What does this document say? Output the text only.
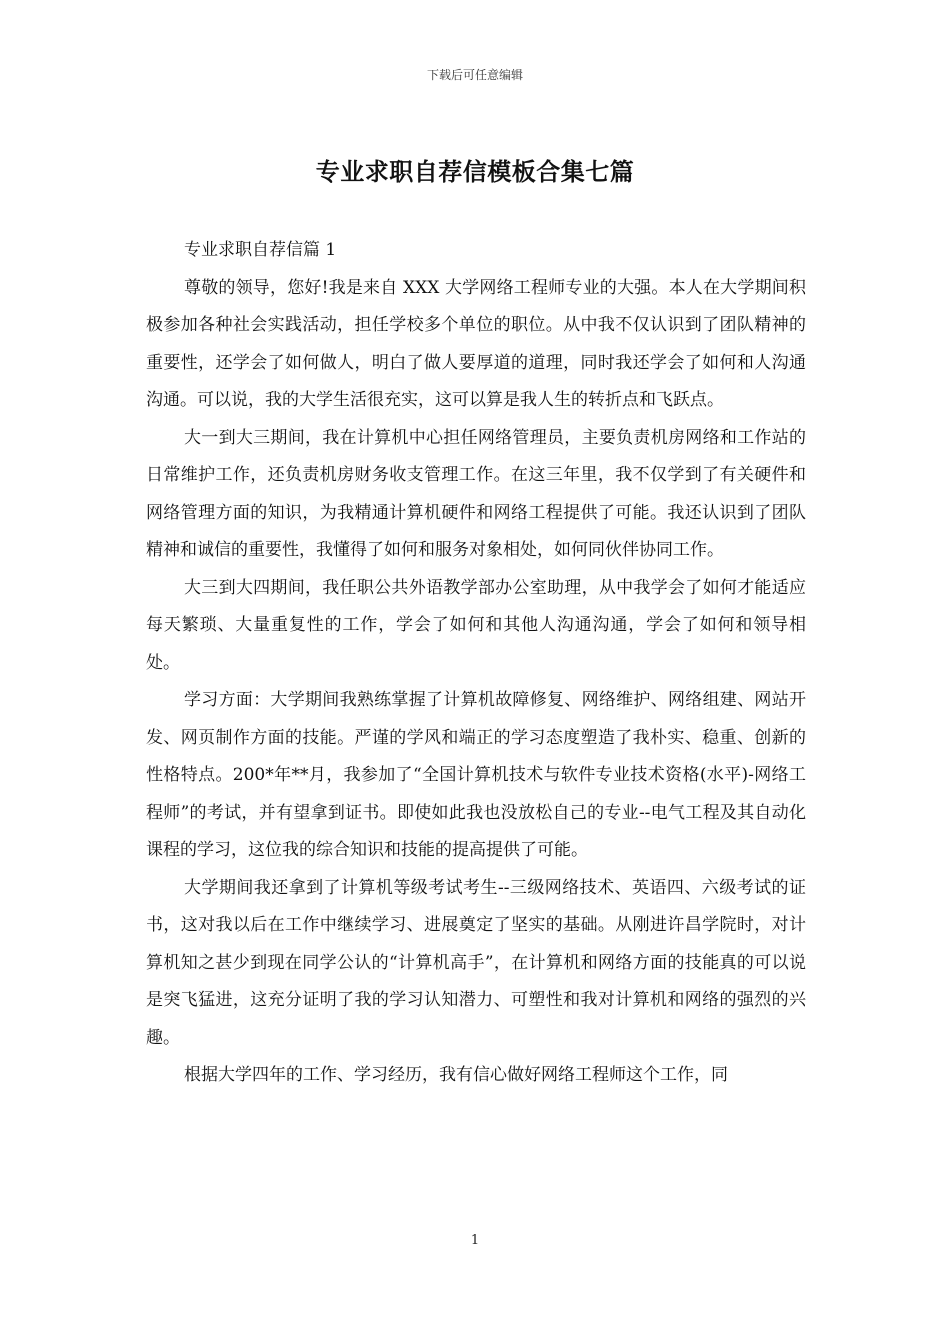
下载后可任意编辑
专业求职自荐信模板合集七篇

专业求职自荐信篇 1

尊敬的领导，您好!我是来自 XXX 大学网络工程师专业的大强。本人在大学期间积极参加各种社会实践活动，担任学校多个单位的职位。从中我不仅认识到了团队精神的重要性，还学会了如何做人，明白了做人要厚道的道理，同时我还学会了如何和人沟通沟通。可以说，我的大学生活很充实，这可以算是我人生的转折点和飞跃点。

大一到大三期间，我在计算机中心担任网络管理员，主要负责机房网络和工作站的日常维护工作，还负责机房财务收支管理工作。在这三年里，我不仅学到了有关硬件和网络管理方面的知识，为我精通计算机硬件和网络工程提供了可能。我还认识到了团队精神和诚信的重要性，我懂得了如何和服务对象相处，如何同伙伴协同工作。

大三到大四期间，我任职公共外语教学部办公室助理，从中我学会了如何才能适应每天繁琐、大量重复性的工作，学会了如何和其他人沟通沟通，学会了如何和领导相处。

学习方面：大学期间我熟练掌握了计算机故障修复、网络维护、网络组建、网站开发、网页制作方面的技能。严谨的学风和端正的学习态度塑造了我朴实、稳重、创新的性格特点。200*年**月，我参加了“全国计算机技术与软件专业技术资格(水平)-网络工程师”的考试，并有望拿到证书。即使如此我也没放松自己的专业--电气工程及其自动化课程的学习，这位我的综合知识和技能的提高提供了可能。

大学期间我还拿到了计算机等级考试考生--三级网络技术、英语四、六级考试的证书，这对我以后在工作中继续学习、进展奠定了坚实的基础。从刚进许昌学院时，对计算机知之甚少到现在同学公认的“计算机高手”，在计算机和网络方面的技能真的可以说是突飞猛进，这充分证明了我的学习认知潜力、可塑性和我对计算机和网络的强烈的兴趣。

根据大学四年的工作、学习经历，我有信心做好网络工程师这个工作，同

1
